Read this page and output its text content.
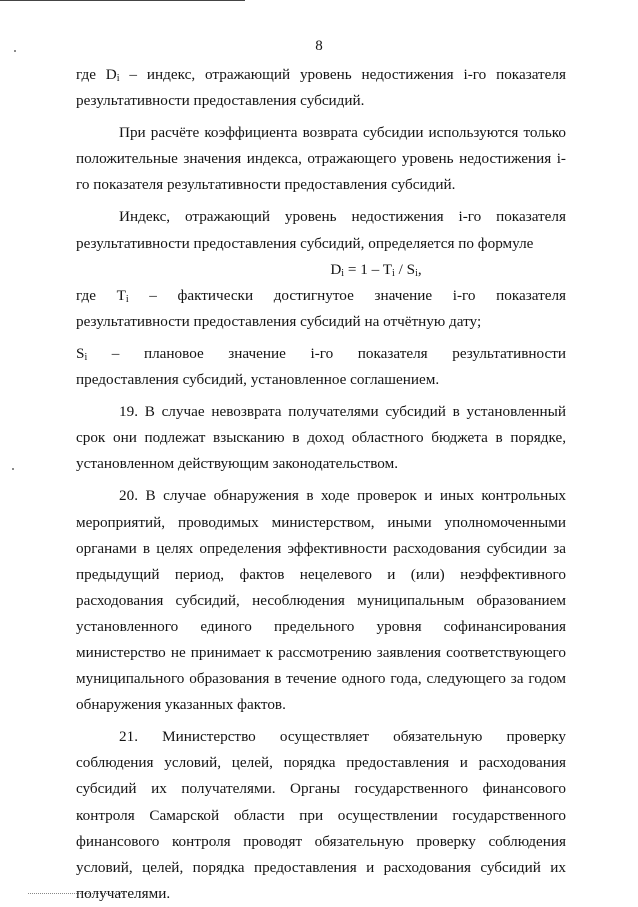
8

где $D_i$ – индекс, отражающий уровень недостижения i-го показателя
результативности предоставления субсидий.

При расчёте коэффициента возврата субсидии используются только положительные значения индекса, отражающего уровень недостижения i-го показателя результативности предоставления субсидий.

Индекс, отражающий уровень недостижения i-го показателя результативности предоставления субсидий, определяется по формуле

$D_i = 1 - T_i / S_i$,

где $T_i$ – фактически достигнутое значение i-го показателя
результативности предоставления субсидий на отчётную дату;

$S_i$ – плановое значение i-го показателя результативности
предоставления субсидий, установленное соглашением.

19. В случае невозврата получателями субсидий в установленный срок они подлежат взысканию в доход областного бюджета в порядке, установленном действующим законодательством.

20. В случае обнаружения в ходе проверок и иных контрольных мероприятий, проводимых министерством, иными уполномоченными органами в целях определения эффективности расходования субсидии за предыдущий период, фактов нецелевого и (или) неэффективного расходования субсидий, несоблюдения муниципальным образованием установленного единого предельного уровня софинансирования министерство не принимает к рассмотрению заявления соответствующего муниципального образования в течение одного года, следующего за годом обнаружения указанных фактов.

21. Министерство осуществляет обязательную проверку соблюдения условий, целей, порядка предоставления и расходования субсидий их получателями. Органы государственного финансового контроля Самарской области при осуществлении государственного финансового контроля проводят обязательную проверку соблюдения условий, целей, порядка предоставления и расходования субсидий их получателями.
